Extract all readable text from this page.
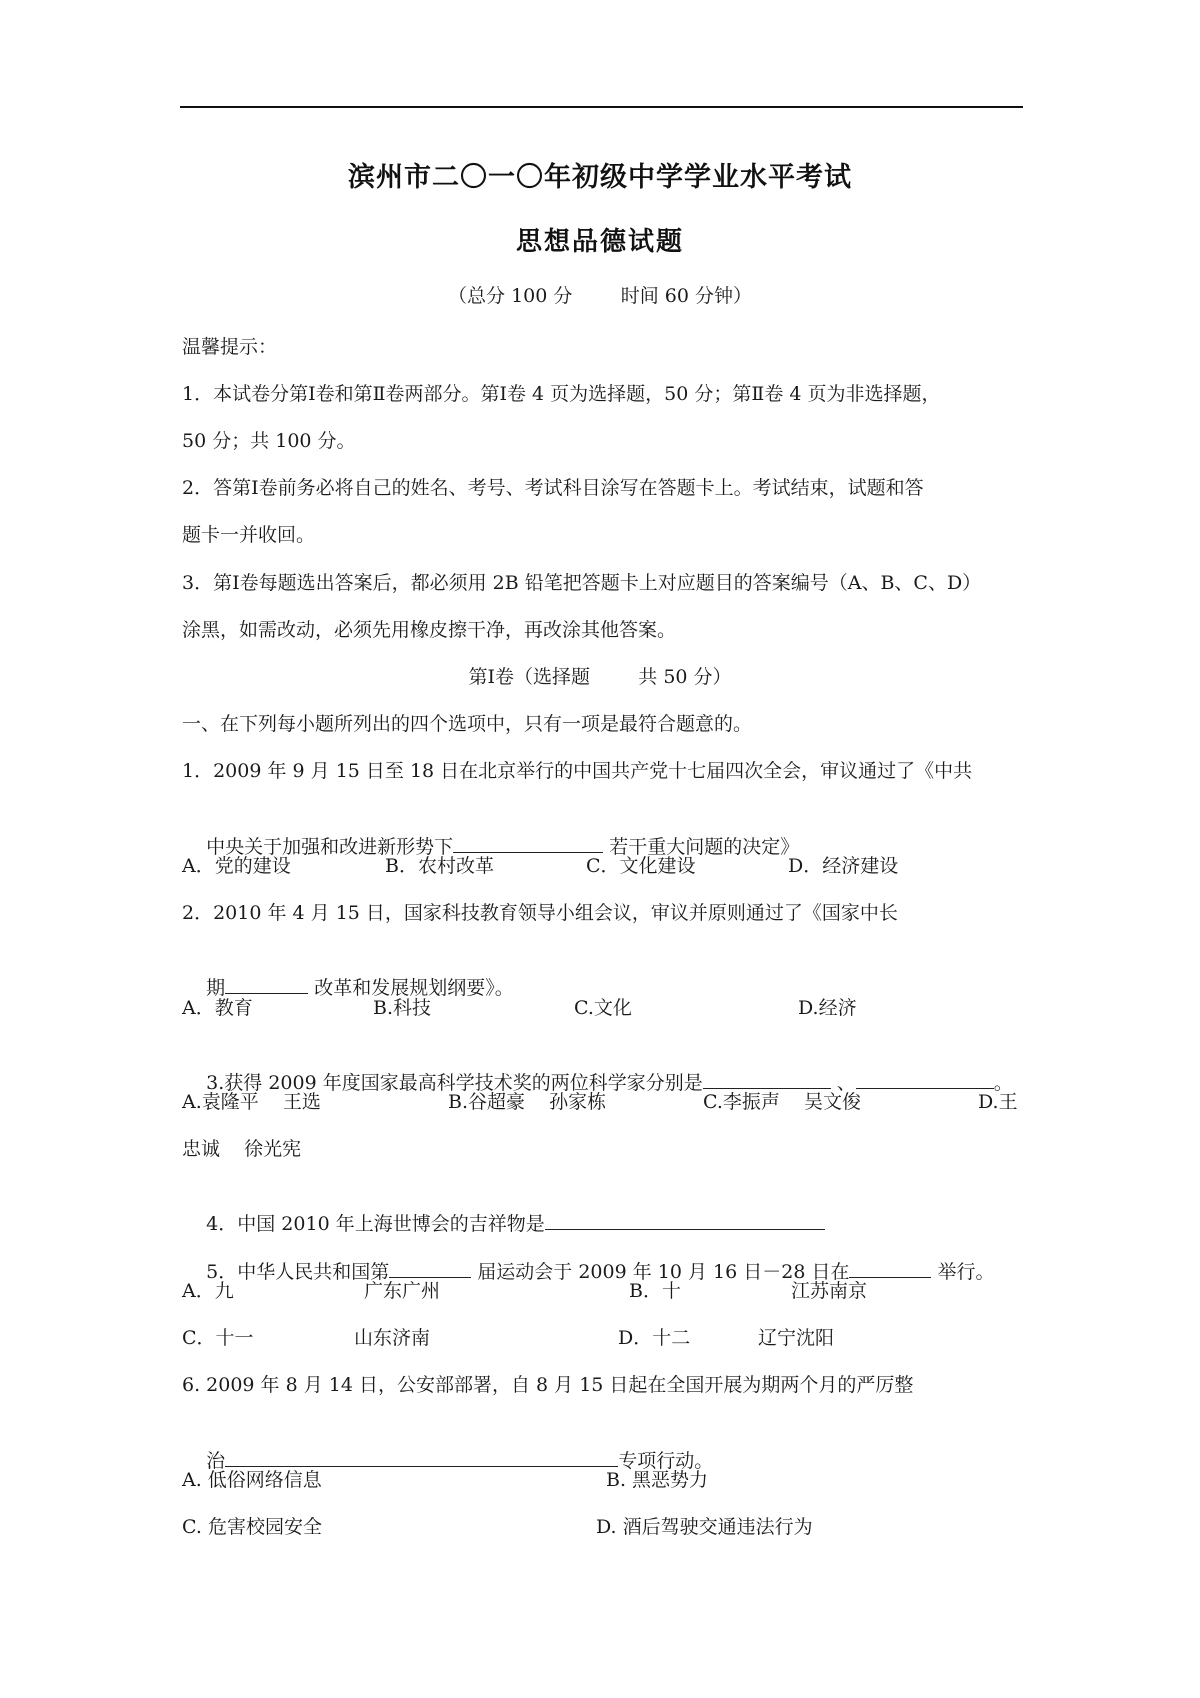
滨州市二〇一〇年初级中学学业水平考试
思想品德试题
（总分 100 分        时间 60 分钟）
温馨提示：
1．本试卷分第Ⅰ卷和第Ⅱ卷两部分。第Ⅰ卷 4 页为选择题，50 分；第Ⅱ卷 4 页为非选择题，
50 分；共 100 分。
2．答第Ⅰ卷前务必将自己的姓名、考号、考试科目涂写在答题卡上。考试结束，试题和答
题卡一并收回。
3．第Ⅰ卷每题选出答案后，都必须用 2B 铅笔把答题卡上对应题目的答案编号（A、B、C、D）
涂黑，如需改动，必须先用橡皮擦干净，再改涂其他答案。
第Ⅰ卷（选择题        共 50 分）
一、在下列每小题所列出的四个选项中，只有一项是最符合题意的。
1．2009 年 9 月 15 日至 18 日在北京举行的中国共产党十七届四次全会，审议通过了《中共

中央关于加强和改进新形势下	若干重大问题的决定》

A．党的建设	B．农村改革	C．文化建设	D．经济建设
2．2010 年 4 月 15 日，国家科技教育领导小组会议，审议并原则通过了《国家中长

期	改革和发展规划纲要》。

A．教育	B.科技	C.文化	D.经济

3.获得 2009 年度国家最高科学技术奖的两位科学家分别是	、	。

A.袁隆平    王选	B.谷超豪    孙家栋	C.李振声    吴文俊	D.王
忠诚    徐光宪

4．中国 2010 年上海世博会的吉祥物是

5．中华人民共和国第	届运动会于 2009 年 10 月 16 日－28 日在	举行。

A．九	广东广州	B．十	江苏南京
C．十一	山东济南	D．十二	辽宁沈阳
6. 2009 年 8 月 14 日，公安部部署，自 8 月 15 日起在全国开展为期两个月的严厉整

治	专项行动。

A. 低俗网络信息	B. 黑恶势力
C. 危害校园安全	D. 酒后驾驶交通违法行为
